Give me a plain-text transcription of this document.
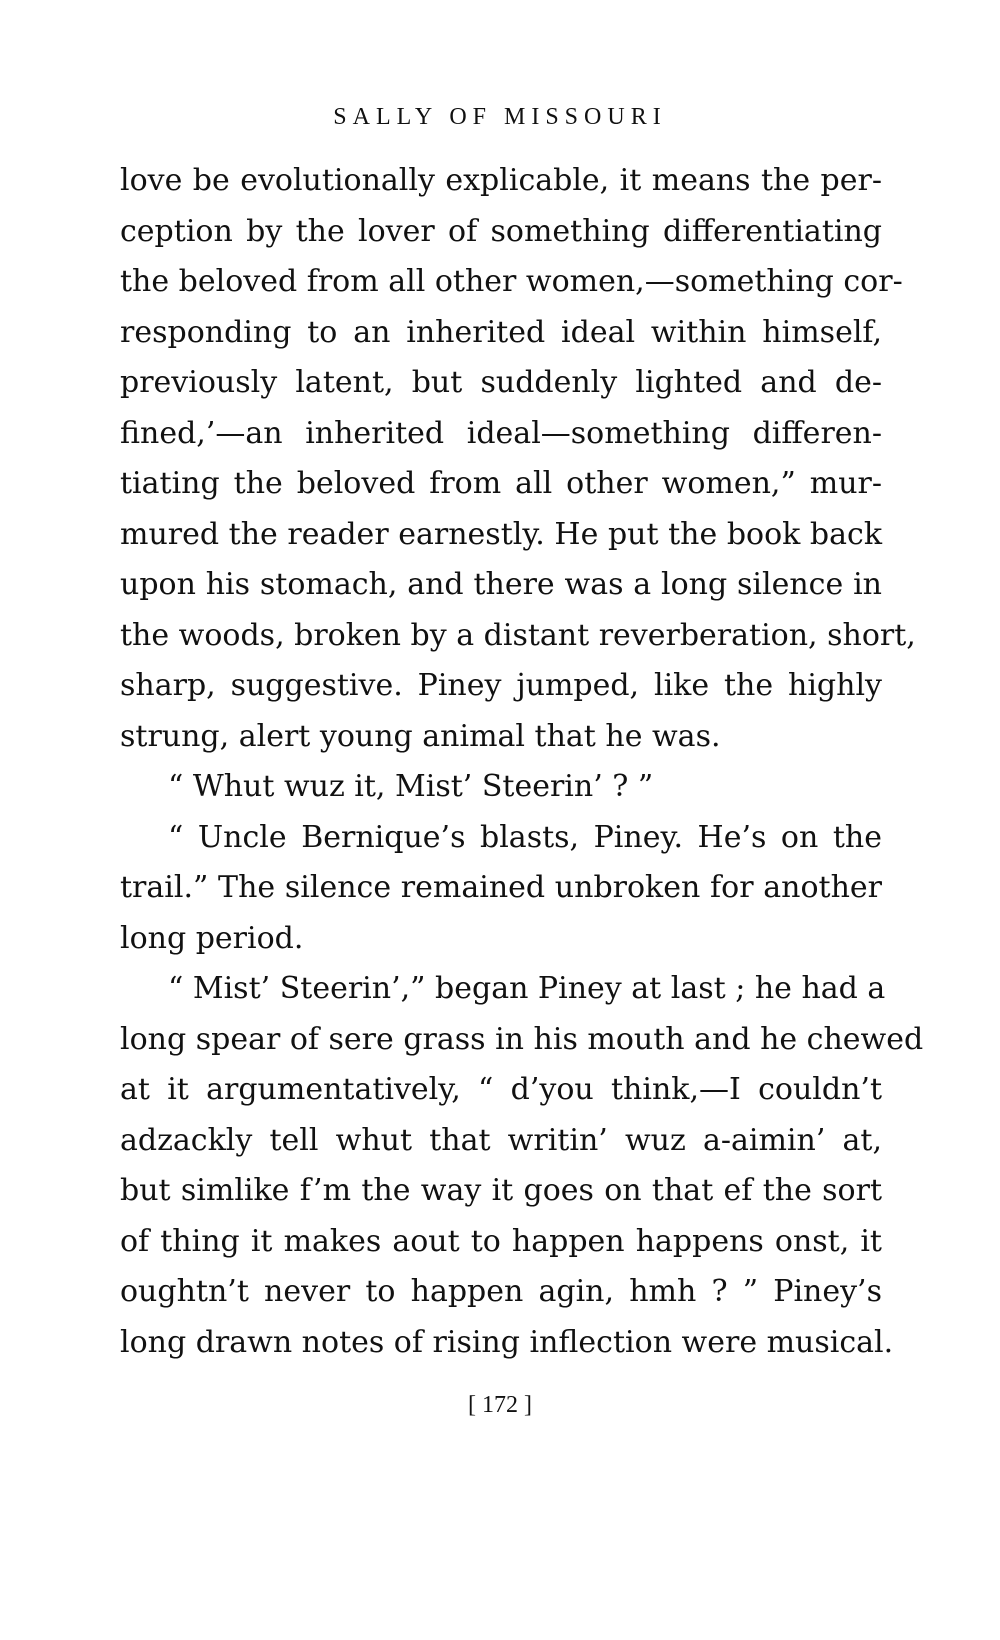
SALLY OF MISSOURI
love be evolutionally explicable, it means the per-
ception by the lover of something differentiating
the beloved from all other women,—something cor-
responding to an inherited ideal within himself,
previously latent, but suddenly lighted and de-
fined,’—an inherited ideal—something differen-
tiating the beloved from all other women,” mur-
mured the reader earnestly. He put the book back
upon his stomach, and there was a long silence in
the woods, broken by a distant reverberation, short,
sharp, suggestive. Piney jumped, like the highly
strung, alert young animal that he was.
“ Whut wuz it, Mist’ Steerin’ ? ”
“ Uncle Bernique’s blasts, Piney. He’s on the
trail.” The silence remained unbroken for another
long period.
“ Mist’ Steerin’,” began Piney at last ; he had a
long spear of sere grass in his mouth and he chewed
at it argumentatively, “ d’you think,—I couldn’t
adzackly tell whut that writin’ wuz a-aimin’ at,
but simlike f’m the way it goes on that ef the sort
of thing it makes aout to happen happens onst, it
oughtn’t never to happen agin, hmh ? ” Piney’s
long drawn notes of rising inflection were musical.
[ 172 ]
